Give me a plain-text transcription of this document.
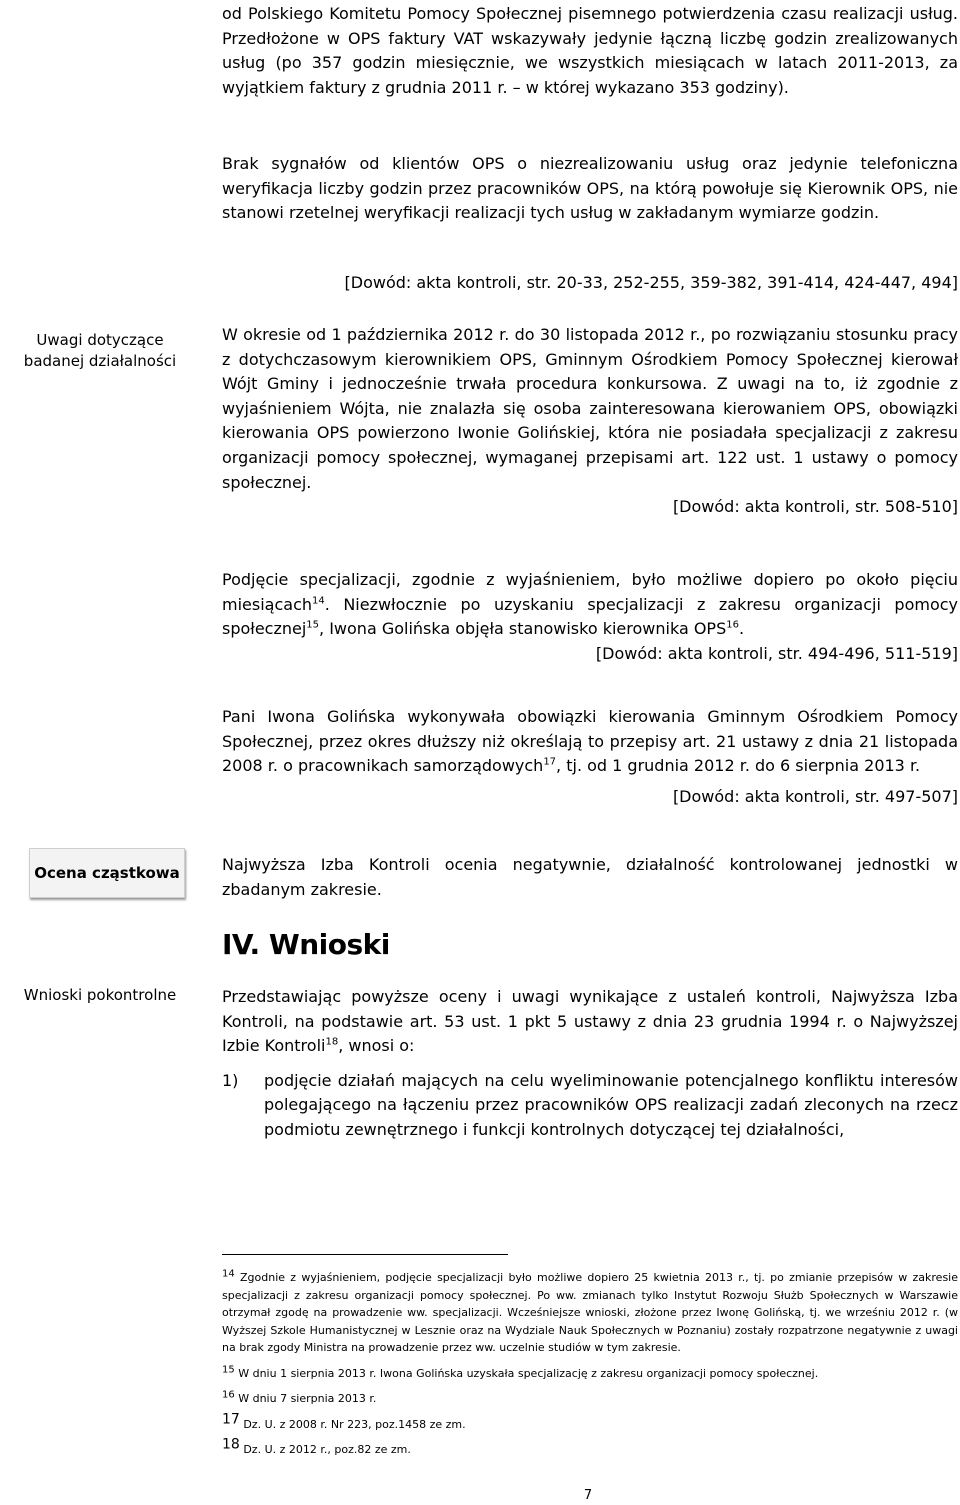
Uwagi dotyczące badanej działalności
Ocena cząstkowa
Wnioski pokontrolne

od Polskiego Komitetu Pomocy Społecznej pisemnego potwierdzenia czasu realizacji usług. Przedłożone w OPS faktury VAT wskazywały jedynie łączną liczbę godzin zrealizowanych usług (po 357 godzin miesięcznie, we wszystkich miesiącach w latach 2011-2013, za wyjątkiem faktury z grudnia 2011 r. – w której wykazano 353 godziny).

Brak sygnałów od klientów OPS o niezrealizowaniu usług oraz jedynie telefoniczna weryfikacja liczby godzin przez pracowników OPS, na którą powołuje się Kierownik OPS, nie stanowi rzetelnej weryfikacji realizacji tych usług w zakładanym wymiarze godzin.

[Dowód: akta kontroli, str. 20-33, 252-255, 359-382, 391-414, 424-447, 494]

W okresie od 1 października 2012 r. do 30 listopada 2012 r., po rozwiązaniu stosunku pracy z dotychczasowym kierownikiem OPS, Gminnym Ośrodkiem Pomocy Społecznej kierował Wójt Gminy i jednocześnie trwała procedura konkursowa. Z uwagi na to, iż zgodnie z wyjaśnieniem Wójta, nie znalazła się osoba zainteresowana kierowaniem OPS, obowiązki kierowania OPS powierzono Iwonie Golińskiej, która nie posiadała specjalizacji z zakresu organizacji pomocy społecznej, wymaganej przepisami art. 122 ust. 1 ustawy o pomocy społecznej.

[Dowód: akta kontroli, str. 508-510]

Podjęcie specjalizacji, zgodnie z wyjaśnieniem, było możliwe dopiero po około pięciu miesiącach$^{14}$. Niezwłocznie po uzyskaniu specjalizacji z zakresu organizacji pomocy społecznej$^{15}$, Iwona Golińska objęła stanowisko kierownika OPS$^{16}$.

[Dowód: akta kontroli, str. 494-496, 511-519]

Pani Iwona Golińska wykonywała obowiązki kierowania Gminnym Ośrodkiem Pomocy Społecznej, przez okres dłuższy niż określają to przepisy art. 21 ustawy z dnia 21 listopada 2008 r. o pracownikach samorządowych$^{17}$, tj. od 1 grudnia 2012 r. do 6 sierpnia 2013 r.

[Dowód: akta kontroli, str. 497-507]

Najwyższa Izba Kontroli ocenia negatywnie, działalność kontrolowanej jednostki w zbadanym zakresie.

IV. Wnioski

Przedstawiając powyższe oceny i uwagi wynikające z ustaleń kontroli, Najwyższa Izba Kontroli, na podstawie art. 53 ust. 1 pkt 5 ustawy z dnia 23 grudnia 1994 r. o Najwyższej Izbie Kontroli$^{18}$, wnosi o:

1)	podjęcie działań mających na celu wyeliminowanie potencjalnego konfliktu interesów polegającego na łączeniu przez pracowników OPS realizacji zadań zleconych na rzecz podmiotu zewnętrznego i funkcji kontrolnych dotyczącej tej działalności,

$^{14}$ Zgodnie z wyjaśnieniem, podjęcie specjalizacji było możliwe dopiero 25 kwietnia 2013 r., tj. po zmianie przepisów w zakresie specjalizacji z zakresu organizacji pomocy społecznej. Po ww. zmianach tylko Instytut Rozwoju Służb Społecznych w Warszawie otrzymał zgodę na prowadzenie ww. specjalizacji. Wcześniejsze wnioski, złożone przez Iwonę Golińską, tj. we wrześniu 2012 r. (w Wyższej Szkole Humanistycznej w Lesznie oraz na Wydziale Nauk Społecznych w Poznaniu) zostały rozpatrzone negatywnie z uwagi na brak zgody Ministra na prowadzenie przez ww. uczelnie studiów w tym zakresie.

$^{15}$ W dniu 1 sierpnia 2013 r. Iwona Golińska uzyskała specjalizację z zakresu organizacji pomocy społecznej.

$^{16}$ W dniu 7 sierpnia 2013 r.

$^{17}$ Dz. U. z 2008 r. Nr 223, poz.1458 ze zm.

$^{18}$ Dz. U. z 2012 r., poz.82 ze zm.

7
